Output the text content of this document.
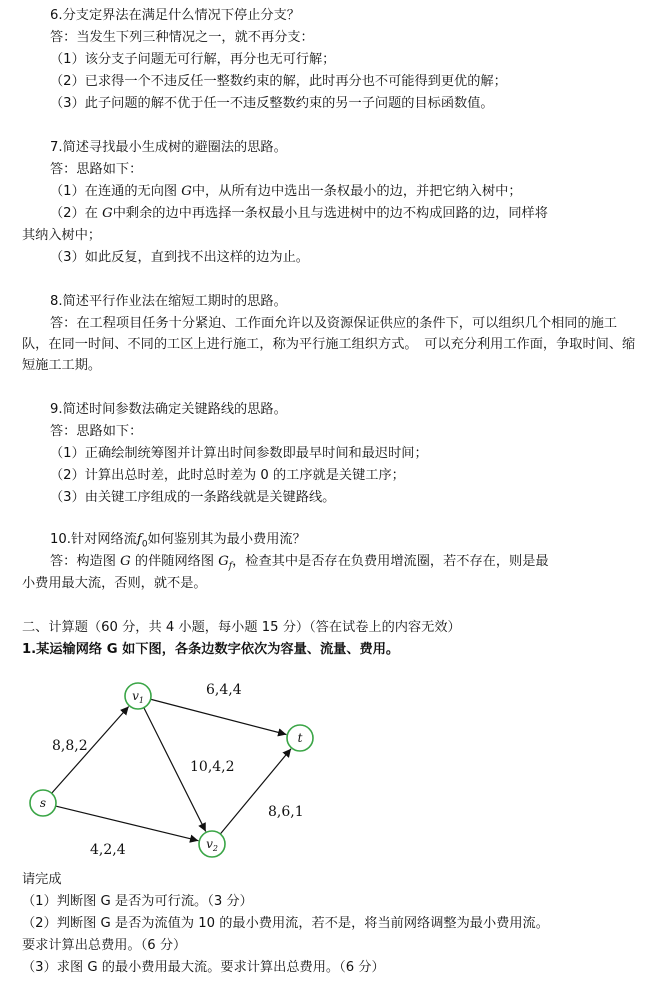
6.分支定界法在满足什么情况下停止分支？
答：当发生下列三种情况之一，就不再分支：
（1）该分支子问题无可行解，再分也无可行解；
（2）已求得一个不违反任一整数约束的解，此时再分也不可能得到更优的解；
（3）此子问题的解不优于任一不违反整数约束的另一子问题的目标函数值。
7.简述寻找最小生成树的避圈法的思路。
答：思路如下：
（1）在连通的无向图 G中，从所有边中选出一条权最小的边，并把它纳入树中；
（2）在 G中剩余的边中再选择一条权最小且与选进树中的边不构成回路的边，同样将
其纳入树中；
（3）如此反复，直到找不出这样的边为止。
8.简述平行作业法在缩短工期时的思路。
答：在工程项目任务十分紧迫、工作面允许以及资源保证供应的条件下，可以组织几个相同的施工队，在同一时间、不同的工区上进行施工，称为平行施工组织方式。　可以充分利用工作面，争取时间、缩短施工工期。
9.简述时间参数法确定关键路线的思路。
答：思路如下：
（1）正确绘制统筹图并计算出时间参数即最早时间和最迟时间；
（2）计算出总时差，此时总时差为 0 的工序就是关键工序；
（3）由关键工序组成的一条路线就是关键路线。
10.针对网络流$f_0$如何鉴别其为最小费用流？
答：构造图 G 的伴随网络图 $G_f$，检查其中是否存在负费用增流圈，若不存在，则是最
小费用最大流，否则，就不是。
二、计算题（60 分，共 4 小题，每小题 15 分）（答在试卷上的内容无效）
1.某运输网络 G 如下图，各条边数字依次为容量、流量、费用。
s
$v_1$
$v_2$
t
8,8,2
4,2,4
6,4,4
10,4,2
8,6,1
请完成
（1）判断图 G 是否为可行流。（3 分）
（2）判断图 G 是否为流值为 10 的最小费用流，若不是，将当前网络调整为最小费用流。
要求计算出总费用。（6 分）
（3）求图 G 的最小费用最大流。要求计算出总费用。（6 分）
